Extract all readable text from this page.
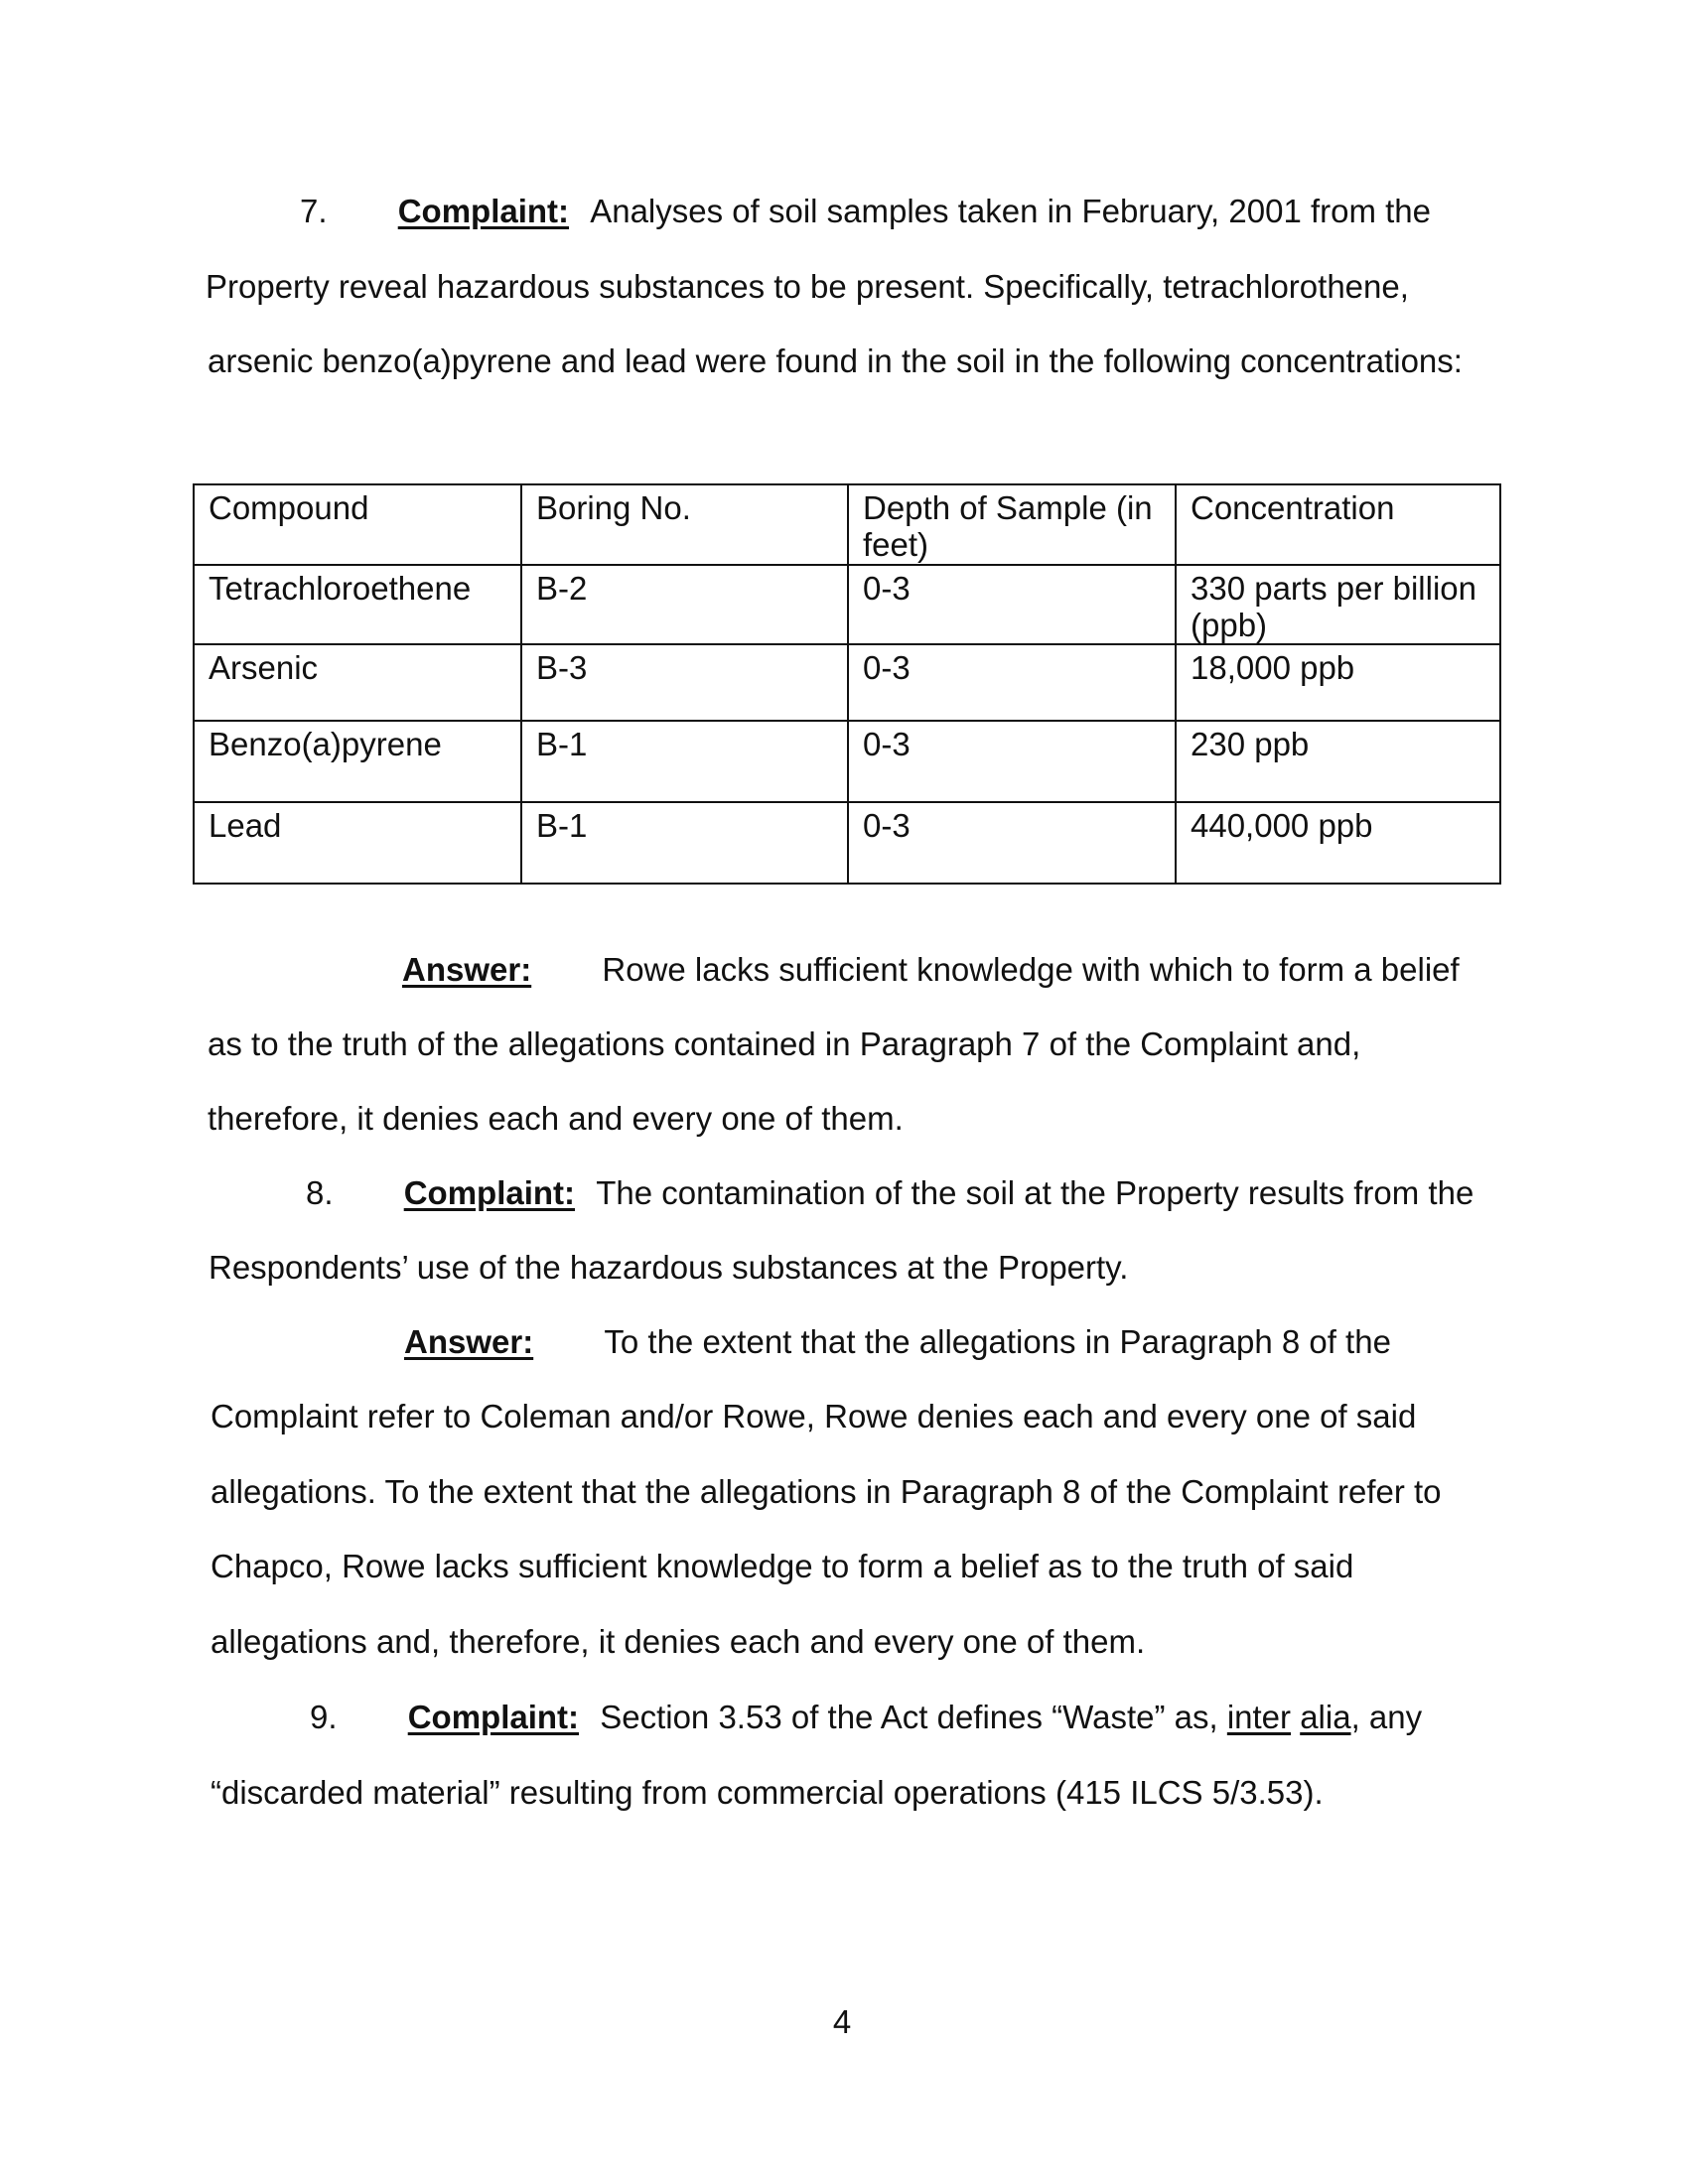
7. Complaint: Analyses of soil samples taken in February, 2001 from the
Property reveal hazardous substances to be present. Specifically, tetrachlorothene,
arsenic benzo(a)pyrene and lead were found in the soil in the following concentrations:
Compound	Boring No.	Depth of Sample (in feet)	Concentration
Tetrachloroethene	B-2	0-3	330 parts per billion (ppb)
Arsenic	B-3	0-3	18,000 ppb
Benzo(a)pyrene	B-1	0-3	230 ppb
Lead	B-1	0-3	440,000 ppb
Answer: Rowe lacks sufficient knowledge with which to form a belief
as to the truth of the allegations contained in Paragraph 7 of the Complaint and,
therefore, it denies each and every one of them.
8. Complaint: The contamination of the soil at the Property results from the
Respondents’ use of the hazardous substances at the Property.
Answer: To the extent that the allegations in Paragraph 8 of the
Complaint refer to Coleman and/or Rowe, Rowe denies each and every one of said
allegations. To the extent that the allegations in Paragraph 8 of the Complaint refer to
Chapco, Rowe lacks sufficient knowledge to form a belief as to the truth of said
allegations and, therefore, it denies each and every one of them.
9. Complaint: Section 3.53 of the Act defines “Waste” as, inter alia, any
“discarded material” resulting from commercial operations (415 ILCS 5/3.53).
4
